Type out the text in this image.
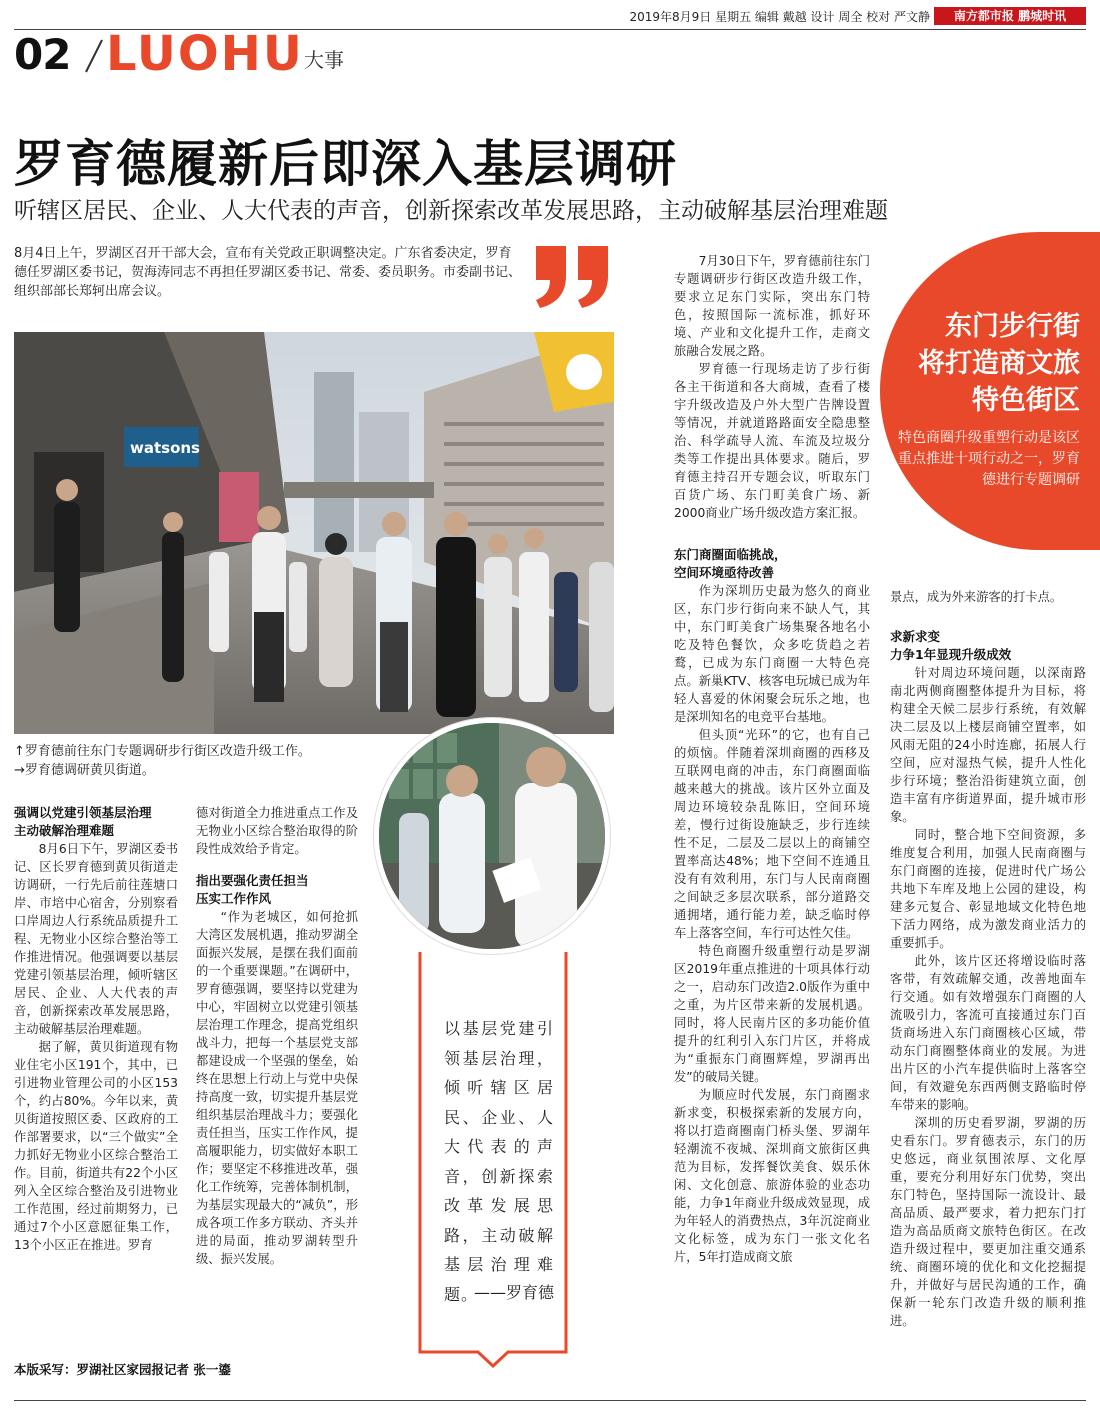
2019年8月9日 星期五 编辑 戴越 设计 周全 校对 严文静	南方都市报 鹏城时讯
02 LUOHU 大事
罗育德履新后即深入基层调研
听辖区居民、企业、人大代表的声音，创新探索改革发展思路，主动破解基层治理难题

8月4日上午，罗湖区召开干部大会，宣布有关党政正职调整决定。广东省委决定，罗育德任罗湖区委书记，贺海涛同志不再担任罗湖区委书记、常委、委员职务。市委副书记、组织部部长郑轲出席会议。

watsons

↑罗育德前往东门专题调研步行街区改造升级工作。
→罗育德调研黄贝街道。

东门步行街
将打造商文旅
特色街区
特色商圈升级重塑行动是该区重点推进十项行动之一，罗育德进行专题调研
强调以党建引领基层治理
主动破解治理难题

8月6日下午，罗湖区委书记、区长罗育德到黄贝街道走访调研，一行先后前往莲塘口岸、市培中心宿舍，分别察看口岸周边人行系统品质提升工程、无物业小区综合整治等工作推进情况。他强调要以基层党建引领基层治理，倾听辖区居民、企业、人大代表的声音，创新探索改革发展思路，主动破解基层治理难题。

据了解，黄贝街道现有物业住宅小区191个，其中，已引进物业管理公司的小区153个，约占80%。今年以来，黄贝街道按照区委、区政府的工作部署要求，以“三个做实”全力抓好无物业小区综合整治工作。目前，街道共有22个小区列入全区综合整治及引进物业工作范围，经过前期努力，已通过7个小区意愿征集工作，13个小区正在推进。罗育

德对街道全力推进重点工作及无物业小区综合整治取得的阶段性成效给予肯定。

指出要强化责任担当
压实工作作风

“作为老城区，如何抢抓大湾区发展机遇，推动罗湖全面振兴发展，是摆在我们面前的一个重要课题。”在调研中，罗育德强调，要坚持以党建为中心，牢固树立以党建引领基层治理工作理念，提高党组织战斗力，把每一个基层党支部都建设成一个坚强的堡垒，始终在思想上行动上与党中央保持高度一致，切实提升基层党组织基层治理战斗力；要强化责任担当，压实工作作风，提高履职能力，切实做好本职工作；要坚定不移推进改革，强化工作统筹，完善体制机制，为基层实现最大的“减负”，形成各项工作多方联动、齐头并进的局面，推动罗湖转型升级、振兴发展。

以基层党建引领基层治理，倾听辖区居民、企业、人大代表的声音，创新探索改革发展思路，主动破解基层治理难题。
——罗育德

7月30日下午，罗育德前往东门专题调研步行街区改造升级工作，要求立足东门实际，突出东门特色，按照国际一流标准，抓好环境、产业和文化提升工作，走商文旅融合发展之路。

罗育德一行现场走访了步行街各主干街道和各大商城，查看了楼宇升级改造及户外大型广告牌设置等情况，并就道路路面安全隐患整治、科学疏导人流、车流及垃圾分类等工作提出具体要求。随后，罗育德主持召开专题会议，听取东门百货广场、东门町美食广场、新2000商业广场升级改造方案汇报。

东门商圈面临挑战，
空间环境亟待改善

作为深圳历史最为悠久的商业区，东门步行街向来不缺人气，其中，东门町美食广场集聚各地名小吃及特色餐饮，众多吃货趋之若鹜，已成为东门商圈一大特色亮点。新巢KTV、核客电玩城已成为年轻人喜爱的休闲聚会玩乐之地，也是深圳知名的电竞平台基地。

但头顶“光环”的它，也有自己的烦恼。伴随着深圳商圈的西移及互联网电商的冲击，东门商圈面临越来越大的挑战。该片区外立面及周边环境较杂乱陈旧，空间环境差，慢行过街设施缺乏，步行连续性不足，二层及二层以上的商铺空置率高达48%；地下空间不连通且没有有效利用，东门与人民南商圈之间缺乏多层次联系，部分道路交通拥堵，通行能力差，缺乏临时停车上落客空间，车行可达性欠佳。

特色商圈升级重塑行动是罗湖区2019年重点推进的十项具体行动之一，启动东门改造2.0版作为重中之重，为片区带来新的发展机遇。同时，将人民南片区的多功能价值提升的红利引入东门片区，并将成为“重振东门商圈辉煌，罗湖再出发”的破局关键。

为顺应时代发展，东门商圈求新求变，积极探索新的发展方向，将以打造商圈南门桥头堡、罗湖年轻潮流不夜城、深圳商文旅街区典范为目标，发挥餐饮美食、娱乐休闲、文化创意、旅游体验的业态功能，力争1年商业升级成效显现，成为年轻人的消费热点，3年沉淀商业文化标签，成为东门一张文化名片，5年打造成商文旅

景点，成为外来游客的打卡点。

求新求变
力争1年显现升级成效

针对周边环境问题，以深南路南北两侧商圈整体提升为目标，将构建全天候二层步行系统，有效解决二层及以上楼层商铺空置率，如风雨无阻的24小时连廊，拓展人行空间，应对湿热气候，提升人性化步行环境；整治沿街建筑立面，创造丰富有序街道界面，提升城市形象。

同时，整合地下空间资源，多维度复合利用，加强人民南商圈与东门商圈的连接，促进时代广场公共地下车库及地上公园的建设，构建多元复合、彰显地域文化特色地下活力网络，成为激发商业活力的重要抓手。

此外，该片区还将增设临时落客带，有效疏解交通，改善地面车行交通。如有效增强东门商圈的人流吸引力，客流可直接通过东门百货商场进入东门商圈核心区域，带动东门商圈整体商业的发展。为进出片区的小汽车提供临时上落客空间，有效避免东西两侧支路临时停车带来的影响。

深圳的历史看罗湖，罗湖的历史看东门。罗育德表示，东门的历史悠远，商业氛围浓厚、文化厚重，要充分利用好东门优势，突出东门特色，坚持国际一流设计、最高品质、最严要求，着力把东门打造为高品质商文旅特色街区。在改造升级过程中，要更加注重交通系统、商圈环境的优化和文化挖掘提升，并做好与居民沟通的工作，确保新一轮东门改造升级的顺利推进。

本版采写：罗湖社区家园报记者 张一鎏
